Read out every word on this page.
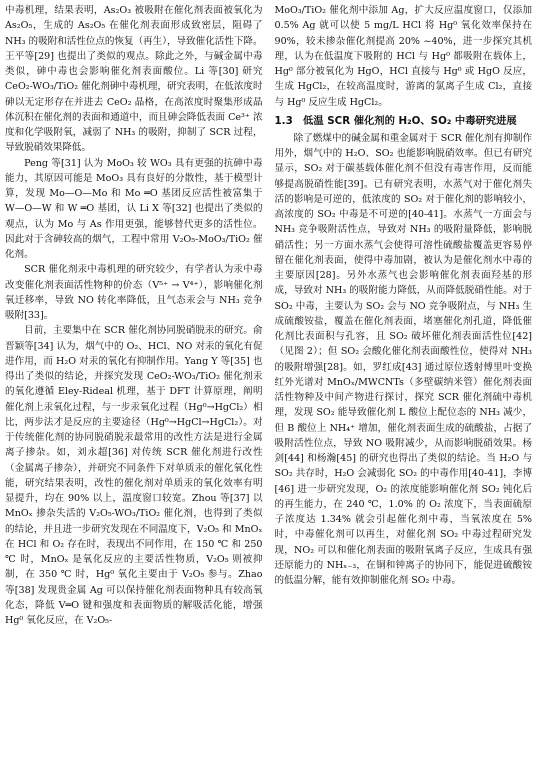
中毒机理，结果表明，As₂O₃ 被吸附在催化剂表面被氧化为 As₂O₅，生成的 As₂O₅ 在催化剂表面形成致密层，阻碍了 NH₃ 的吸附和活性位点的恢复（再生），导致催化活性下降。王平等[29] 也提出了类似的观点。除此之外，与碱金属中毒类似，砷中毒也会影响催化剂表面酸位。Li 等[30] 研究 CeO₂-WO₃/TiO₂ 催化剂砷中毒机理，研究表明，在低浓度时砷以无定形存在并进去 CeO₂ 晶格，在高浓度时聚集形成晶体沉积在催化剂的表面和通道中，而且砷会降低表面 Ce³⁺ 浓度和化学吸附氧，减弱了 NH₃ 的吸附，抑制了 SCR 过程，导致脱硝效果降低。

Peng 等[31] 认为 MoO₃ 较 WO₃ 具有更强的抗砷中毒能力，其原因可能是 MoO₃ 具有良好的分散性，基于模型计算，发现 Mo—O—Mo 和 Mo ═O 基团反应活性被富集于 W—O—W 和 W ═O 基团，认 Li X 等[32] 也提出了类似的观点，认为 Mo 与 As 作用更强，能够替代更多的活性位。因此对于含砷较高的烟气，工程中常用 V₂O₅-MoO₃/TiO₂ 催化剂。

SCR 催化剂汞中毒机理的研究较少，有学者认为汞中毒改变催化剂表面活性物种的价态（V⁵⁺ → V⁴⁺），影响催化剂氧迁移率，导致 NO 转化率降低，且气态汞会与 NH₃ 竞争吸附[33]。

目前，主要集中在 SCR 催化剂协同脱硝脱汞的研究。俞晋颖等[34] 认为，烟气中的 O₂、HCl、NO 对汞的氧化有促进作用，而 H₂O 对汞的氧化有抑制作用。Yang Y 等[35] 也得出了类似的结论，并探究发现 CeO₂-WO₃/TiO₂ 催化剂汞的氧化遵循 Eley-Rideal 机理，基于 DFT 计算原理，阐明催化剂上汞氧化过程，与一步汞氧化过程（Hg⁰→HgCl₂）相比，两步法才是反应的主要途径（Hg⁰→HgCl→HgCl₂）。对于传统催化剂的协同脱硝脱汞最常用的改性方法是进行金属离子掺杂。如，刘永超[36] 对传统 SCR 催化剂进行改性（金属离子掺杂），并研究不同条件下对单质汞的催化氧化性能，研究结果表明，改性的催化剂对单质汞的氧化效率有明显提升，均在 90% 以上，温度窗口较宽。Zhou 等[37] 以 MnOₓ 掺杂失活的 V₂O₅-WO₃/TiO₂ 催化剂，也得到了类似的结论，并且进一步研究发现在不同温度下，V₂O₅ 和 MnOₓ 在 HCl 和 O₂ 存在时，表现出不同作用，在 150 ℃ 和 250 ℃ 时，MnOₓ 是氧化反应的主要活性物质，V₂O₅ 则被抑制，在 350 ℃ 时，Hg⁰ 氧化主要由于 V₂O₅ 参与。Zhao 等[38] 发现贵金属 Ag 可以保持催化剂表面物种具有较高氧化态，降低 V═O 键和强度和表面物质的解吸活化能，增强 Hg⁰ 氧化反应，在 V₂O₅-

MoO₃/TiO₂ 催化剂中添加 Ag，扩大反应温度窗口，仅添加 0.5% Ag 就可以使 5 mg/L HCl 将 Hg⁰ 氧化效率保持在 90%，较未掺杂催化剂提高 20% ~40%，进一步探究其机理，认为在低温度下吸附的 HCl 与 Hg⁰ 都吸附在载体上，Hg⁰ 部分被氧化为 HgO，HCl 直接与 Hg⁰ 或 HgO 反应，生成 HgCl₂，在较高温度时，游离的氯离子生成 Cl₂，直接与 Hg⁰ 反应生成 HgCl₂。

1.3　低温 SCR 催化剂的 H₂O、SO₂ 中毒研究进展

除了燃煤中的碱金属和重金属对于 SCR 催化剂有抑制作用外，烟气中的 H₂O、SO₂ 也能影响脱硝效率。但已有研究显示，SO₂ 对于碳基载体催化剂不但没有毒害作用，反而能够提高脱硝性能[39]。已有研究表明，水蒸气对于催化剂失活的影响是可逆的，低浓度的 SO₂ 对于催化剂的影响较小，高浓度的 SO₂ 中毒是不可逆的[40-41]。水蒸气一方面会与 NH₃ 竞争吸附活性点，导致对 NH₃ 的吸附量降低，影响脱硝活性；另一方面水蒸气会使得可溶性硫酸盐覆盖更容易停留在催化剂表面，使得中毒加剧，被认为是催化剂水中毒的主要原因[28]。另外水蒸气也会影响催化剂表面羟基的形成，导致对 NH₃ 的吸附能力降低，从而降低脱硝性能。对于 SO₂ 中毒，主要认为 SO₂ 会与 NO 竞争吸附点，与 NH₃ 生成硫酸铵盐，覆盖在催化剂表面，堵塞催化剂孔道，降低催化剂比表面积与孔容，且 SO₂ 破坏催化剂表面活性位[42]（见图 2）；但 SO₂ 会酸化催化剂表面酸性位，使得对 NH₃ 的吸附增强[28]。如，罗红成[43] 通过原位透射傅里叶变换红外光谱对 MnOₓ/MWCNTs（多壁碳纳米管）催化剂表面活性物种及中间产物进行探讨，探究 SCR 催化剂硫中毒机理，发现 SO₂ 能导致催化剂 L 酸位上配位态的 NH₃ 减少，但 B 酸位上 NH₄⁺ 增加，催化剂表面生成的硫酸盐，占据了吸附活性位点，导致 NO 吸附减少，从而影响脱硝效果。杨剑[44] 和杨瀚[45] 的研究也得出了类似的结论。当 H₂O 与 SO₂ 共存时，H₂O 会减弱化 SO₂ 的中毒作用[40-41]，李博[46] 进一步研究发现，O₂ 的浓度能影响催化剂 SO₂ 钝化后的再生能力，在 240 ℃，1.0% 的 O₂ 浓度下，当表面硫原子浓度达 1.34% 就会引起催化剂中毒，当氧浓度在 5% 时，中毒催化剂可以再生，对催化剂 SO₂ 中毒过程研究发现，NO₂ 可以和催化剂表面的吸附氧离子反应，生成具有强还原能力的 NHₓ₋₃，在铜和钟离子的协同下，能促进硫酸铵的低温分解，能有效抑制催化剂 SO₂ 中毒。
